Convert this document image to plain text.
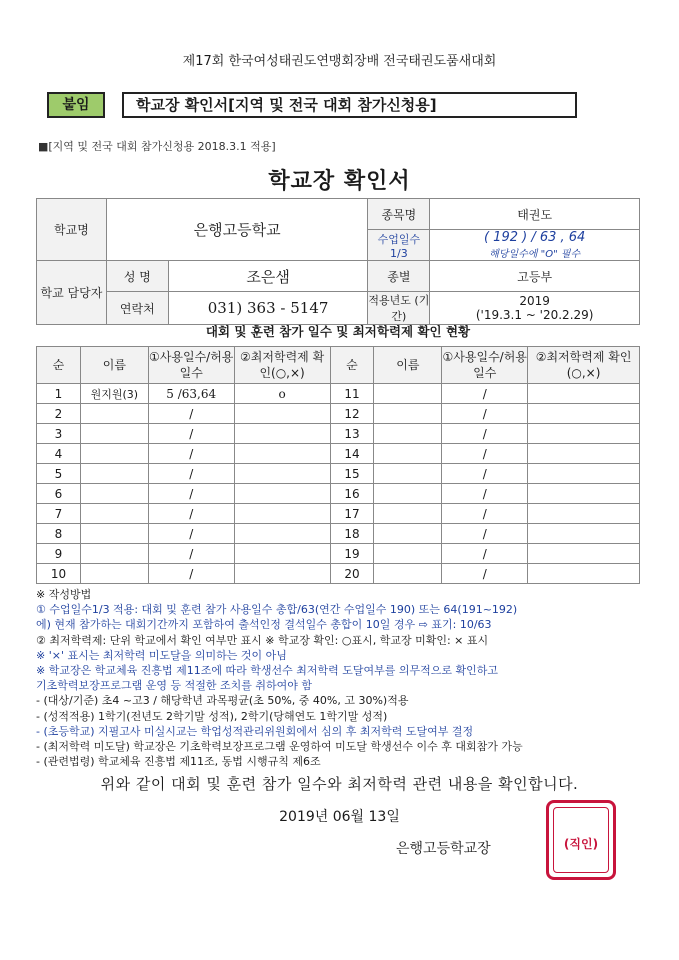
제17회 한국여성태권도연맹회장배 전국태권도품새대회
붙임	학교장 확인서[지역 및 전국 대회 참가신청용]
■[지역 및 전국 대회 참가신청용 2018.3.1 적용]
학교장 확인서
학교명	은행고등학교		종목명	태권도
			수업일수 1/3	( 192 ) / 63 , 64
해당일수에 "O" 필수

학교 담당자	성 명	조은샘	종별	고등부
	연락처	031) 363 - 5147	적용년도 (기간)	2019
('19.3.1 ~ '20.2.29)
대회 및 훈련 참가 일수 및 최저학력제 확인 현황
순	이름	①사용일수/허용일수	②최저학력제 확인(○,×)	순	이름	①사용일수/허용일수	②최저학력제 확인(○,×)
1	원지원(3)	5 /63,64	o	11		/	
2		/		12		/	
3		/		13		/	
4		/		14		/	
5		/		15		/	
6		/		16		/	
7		/		17		/	
8		/		18		/	
9		/		19		/	
10		/		20		/	
※ 작성방법
① 수업일수1/3 적용: 대회 및 훈련 참가 사용일수 총합/63(연간 수업일수 190) 또는 64(191~192)
에) 현재 참가하는 대회기간까지 포함하여 출석인정 결석일수 총합이 10일 경우 ⇨ 표기: 10/63
② 최저학력제: 단위 학교에서 확인 여부만 표시 ※ 학교장 확인: ○표시, 학교장 미확인: × 표시
※ '×' 표시는 최저학력 미도달을 의미하는 것이 아님
※ 학교장은 학교체육 진흥법 제11조에 따라 학생선수 최저학력 도달여부를 의무적으로 확인하고
기초학력보장프로그램 운영 등 적절한 조치를 취하여야 함
- (대상/기준) 초4 ~고3 / 해당학년 과목평균(초 50%, 중 40%, 고 30%)적용
- (성적적용) 1학기(전년도 2학기말 성적), 2학기(당해연도 1학기말 성적)
- (초등학교) 지필고사 미실시교는 학업성적관리위원회에서 심의 후 최저학력 도달여부 결정
- (최저학력 미도달) 학교장은 기초학력보장프로그램 운영하여 미도달 학생선수 이수 후 대회참가 가능
- (관련법령) 학교체육 진흥법 제11조, 동법 시행규칙 제6조
위와 같이 대회 및 훈련 참가 일수와 최저학력 관련 내용을 확인합니다.
2019년 06월 13일
은행고등학교장	(직인)
